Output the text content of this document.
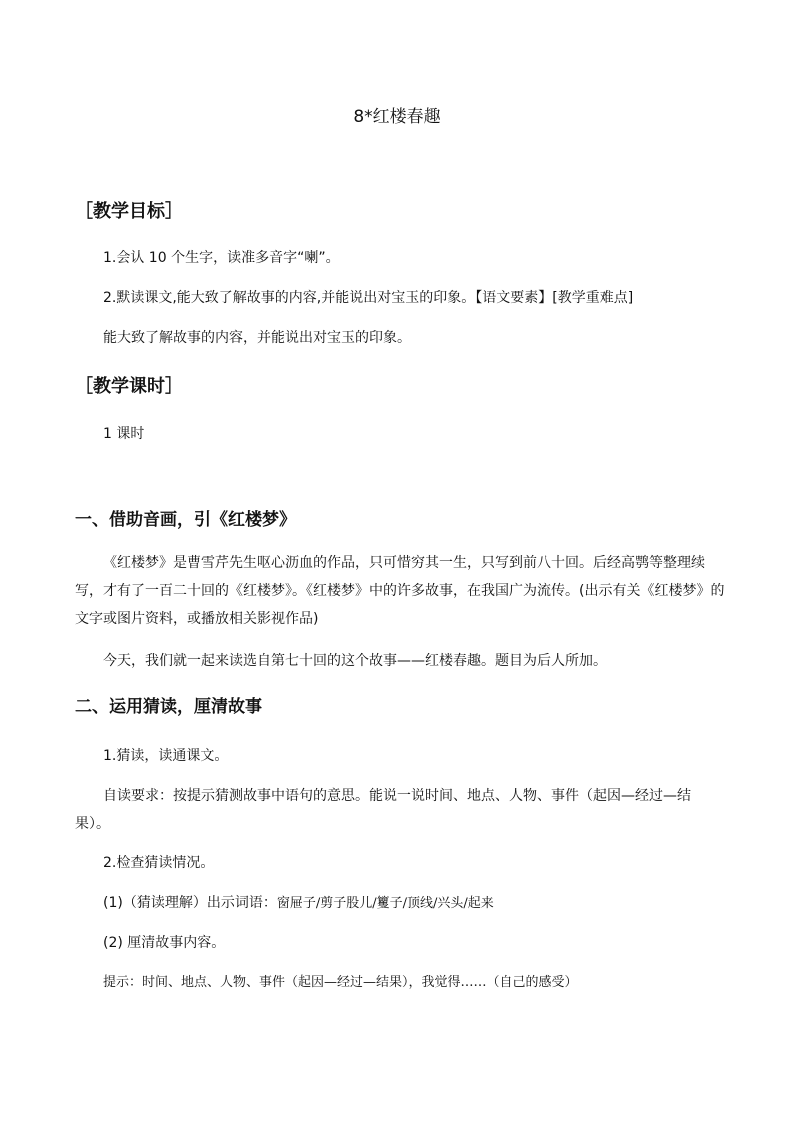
8*红楼春趣
［教学目标］
1.会认 10 个生字，读准多音字“喇”。
2.默读课文,能大致了解故事的内容,并能说出对宝玉的印象。【语文要素】[教学重难点]
能大致了解故事的内容，并能说出对宝玉的印象。
［教学课时］
1 课时
一、借助音画，引《红楼梦》
《红楼梦》是曹雪芹先生呕心沥血的作品，只可惜穷其一生，只写到前八十回。后经高鹗等整理续写，才有了一百二十回的《红楼梦》。《红楼梦》中的许多故事，在我国广为流传。(出示有关《红楼梦》的文字或图片资料，或播放相关影视作品)
今天，我们就一起来读选自第七十回的这个故事——红楼春趣。题目为后人所加。
二、运用猜读，厘清故事
1.猜读，读通课文。
自读要求：按提示猜测故事中语句的意思。能说一说时间、地点、人物、事件（起因—经过—结果）。
2.检查猜读情况。
(1)（猜读理解）出示词语：窗屉子/剪子股儿/籰子/顶线/兴头/起来
(2) 厘清故事内容。
提示：时间、地点、人物、事件（起因—经过—结果），我觉得……（自己的感受）
